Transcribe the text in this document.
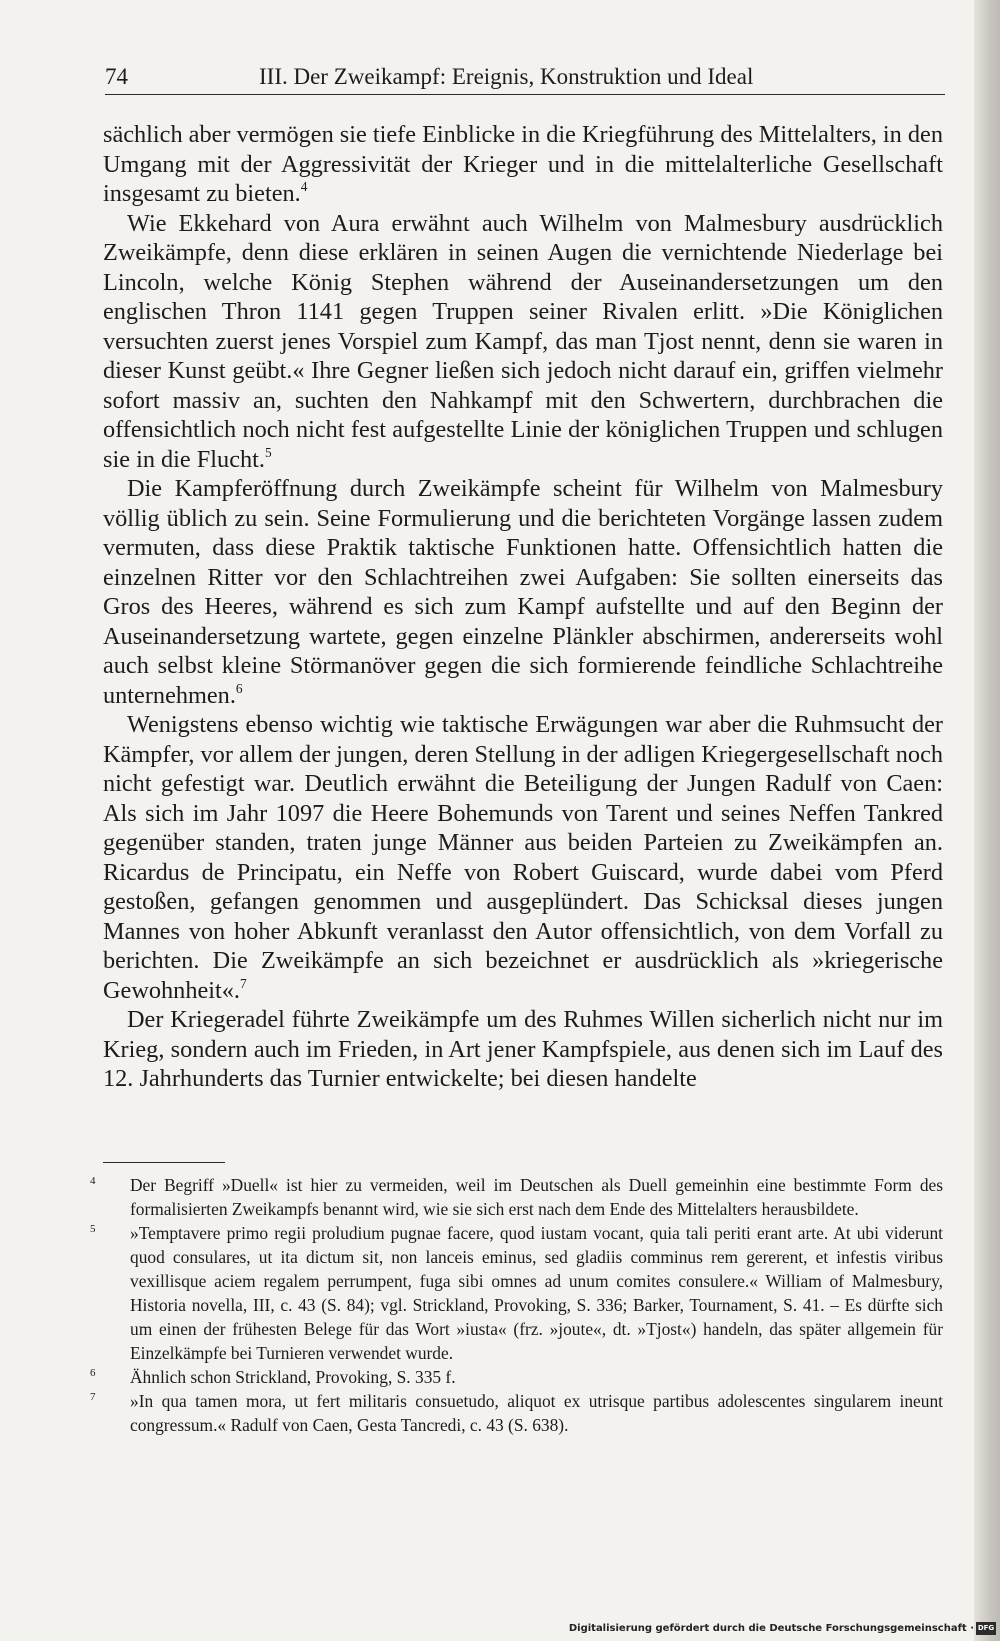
74	III. Der Zweikampf: Ereignis, Konstruktion und Ideal

sächlich aber vermögen sie tiefe Einblicke in die Kriegführung des Mittelalters, in den Umgang mit der Aggressivität der Krieger und in die mittelalterliche Gesellschaft insgesamt zu bieten.$^4$

Wie Ekkehard von Aura erwähnt auch Wilhelm von Malmesbury ausdrücklich Zweikämpfe, denn diese erklären in seinen Augen die vernichtende Niederlage bei Lincoln, welche König Stephen während der Auseinandersetzungen um den englischen Thron 1141 gegen Truppen seiner Rivalen erlitt. »Die Königlichen versuchten zuerst jenes Vorspiel zum Kampf, das man Tjost nennt, denn sie waren in dieser Kunst geübt.« Ihre Gegner ließen sich jedoch nicht darauf ein, griffen vielmehr sofort massiv an, suchten den Nahkampf mit den Schwertern, durchbrachen die offensichtlich noch nicht fest aufgestellte Linie der königlichen Truppen und schlugen sie in die Flucht.$^5$

Die Kampferöffnung durch Zweikämpfe scheint für Wilhelm von Malmesbury völlig üblich zu sein. Seine Formulierung und die berichteten Vorgänge lassen zudem vermuten, dass diese Praktik taktische Funktionen hatte. Offensichtlich hatten die einzelnen Ritter vor den Schlachtreihen zwei Aufgaben: Sie sollten einerseits das Gros des Heeres, während es sich zum Kampf aufstellte und auf den Beginn der Auseinandersetzung wartete, gegen einzelne Plänkler abschirmen, andererseits wohl auch selbst kleine Störmanöver gegen die sich formierende feindliche Schlachtreihe unternehmen.$^6$

Wenigstens ebenso wichtig wie taktische Erwägungen war aber die Ruhmsucht der Kämpfer, vor allem der jungen, deren Stellung in der adligen Kriegergesellschaft noch nicht gefestigt war. Deutlich erwähnt die Beteiligung der Jungen Radulf von Caen: Als sich im Jahr 1097 die Heere Bohemunds von Tarent und seines Neffen Tankred gegenüber standen, traten junge Männer aus beiden Parteien zu Zweikämpfen an. Ricardus de Principatu, ein Neffe von Robert Guiscard, wurde dabei vom Pferd gestoßen, gefangen genommen und ausgeplündert. Das Schicksal dieses jungen Mannes von hoher Abkunft veranlasst den Autor offensichtlich, von dem Vorfall zu berichten. Die Zweikämpfe an sich bezeichnet er ausdrücklich als »kriegerische Gewohnheit«.$^7$

Der Kriegeradel führte Zweikämpfe um des Ruhmes Willen sicherlich nicht nur im Krieg, sondern auch im Frieden, in Art jener Kampfspiele, aus denen sich im Lauf des 12. Jahrhunderts das Turnier entwickelte; bei diesen handelte

4 Der Begriff »Duell« ist hier zu vermeiden, weil im Deutschen als Duell gemeinhin eine bestimmte Form des formalisierten Zweikampfs benannt wird, wie sie sich erst nach dem Ende des Mittelalters herausbildete.

5 »Temptavere primo regii proludium pugnae facere, quod iustam vocant, quia tali periti erant arte. At ubi viderunt quod consulares, ut ita dictum sit, non lanceis eminus, sed gladiis comminus rem gererent, et infestis viribus vexillisque aciem regalem perrumpent, fuga sibi omnes ad unum comites consulere.« William of Malmesbury, Historia novella, III, c. 43 (S. 84); vgl. Strickland, Provoking, S. 336; Barker, Tournament, S. 41. – Es dürfte sich um einen der frühesten Belege für das Wort »iusta« (frz. »joute«, dt. »Tjost«) handeln, das später allgemein für Einzelkämpfe bei Turnieren verwendet wurde.

6 Ähnlich schon Strickland, Provoking, S. 335 f.

7 »In qua tamen mora, ut fert militaris consuetudo, aliquot ex utrisque partibus adolescentes singularem ineunt congressum.« Radulf von Caen, Gesta Tancredi, c. 43 (S. 638).

Digitalisierung gefördert durch die Deutsche Forschungsgemeinschaft · DFG
